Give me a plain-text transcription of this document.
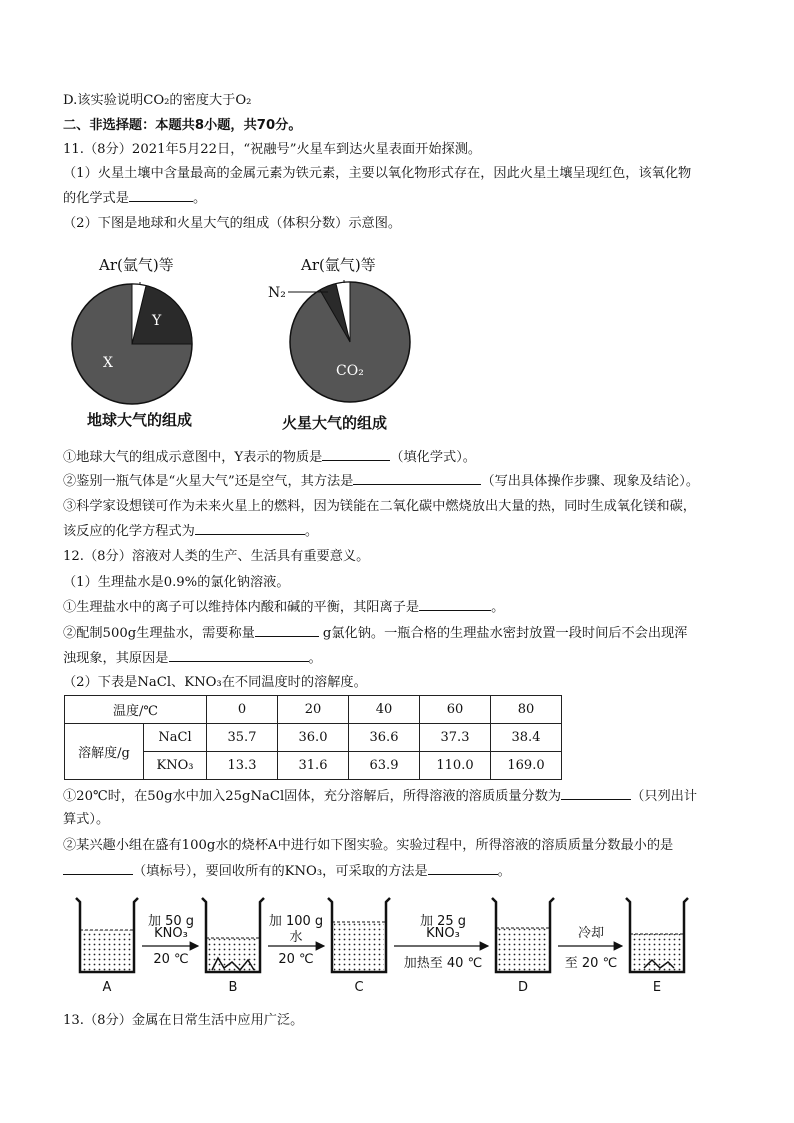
D.该实验说明CO₂的密度大于O₂
二、非选择题：本题共8小题，共70分。
11.（8分）2021年5月22日，“祝融号”火星车到达火星表面开始探测。
（1）火星土壤中含量最高的金属元素为铁元素，主要以氧化物形式存在，因此火星土壤呈现红色，该氧化物
的化学式是	。
（2）下图是地球和火星大气的组成（体积分数）示意图。
Ar(氩气)等
Y
X
地球大气的组成
Ar(氩气)等
N₂
CO₂
火星大气的组成
①地球大气的组成示意图中，Y表示的物质是	（填化学式）。
②鉴别一瓶气体是“火星大气”还是空气，其方法是	（写出具体操作步骤、现象及结论）。
③科学家设想镁可作为未来火星上的燃料，因为镁能在二氧化碳中燃烧放出大量的热，同时生成氧化镁和碳，
该反应的化学方程式为	。
12.（8分）溶液对人类的生产、生活具有重要意义。
（1）生理盐水是0.9%的氯化钠溶液。
①生理盐水中的离子可以维持体内酸和碱的平衡，其阳离子是	。
②配制500g生理盐水，需要称量	g氯化钠。一瓶合格的生理盐水密封放置一段时间后不会出现浑
浊现象，其原因是	。
（2）下表是NaCl、KNO₃在不同温度时的溶解度。
温度/℃		0	20	40	60	80
溶解度/g	NaCl	35.7	36.0	36.6	37.3	38.4
	KNO₃	13.3	31.6	63.9	110.0	169.0
①20℃时，在50g水中加入25gNaCl固体，充分溶解后，所得溶液的溶质质量分数为	（只列出计
算式）。
②某兴趣小组在盛有100g水的烧杯A中进行如下图实验。实验过程中，所得溶液的溶质质量分数最小的是
（填标号），要回收所有的KNO₃，可采取的方法是	。
加 50 g
KNO₃
20 ℃
加 100 g
水
20 ℃
加 25 g
KNO₃
加热至 40 ℃
冷却
至 20 ℃
A	B	C	D	E
13.（8分）金属在日常生活中应用广泛。
